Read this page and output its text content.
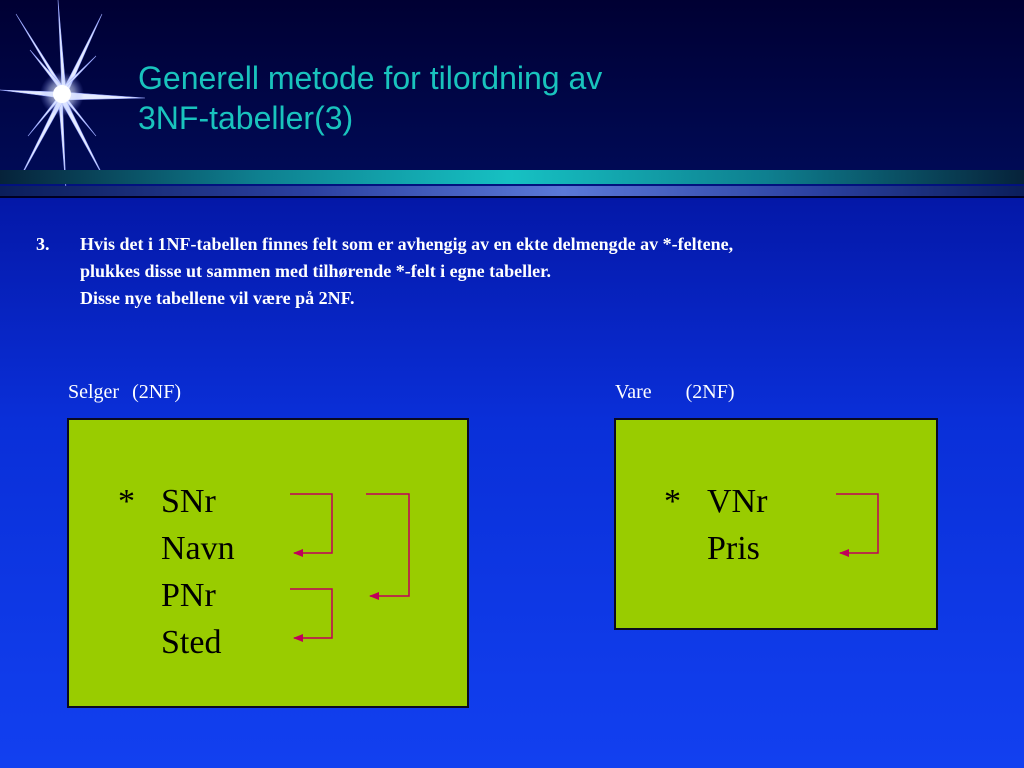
Generell metode for tilordning av
3NF-tabeller(3)
3. Hvis det i 1NF-tabellen finnes felt som er avhengig av en ekte delmengde av *-feltene,
plukkes disse ut sammen med tilhørende *-felt i egne tabeller.
Disse nye tabellene vil være på 2NF.
Selger (2NF)
* SNr
Navn
PNr
Sted
Vare (2NF)
* VNr
Pris
